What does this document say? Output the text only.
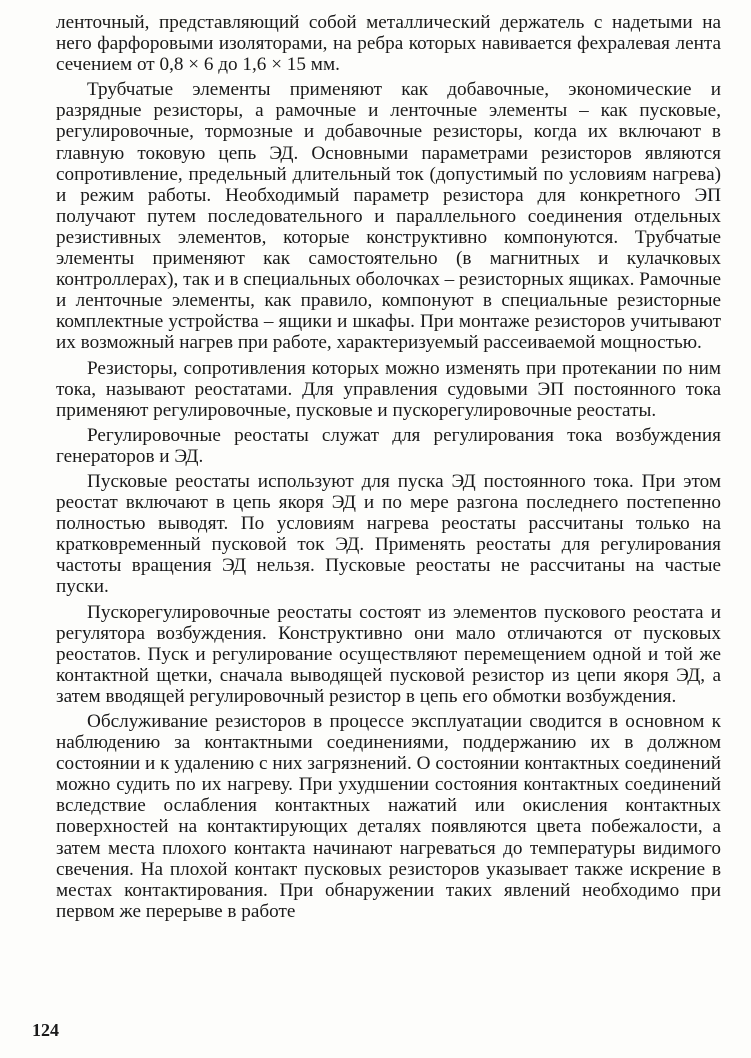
ленточный, представляющий собой металлический держатель с надетыми на него фарфоровыми изоляторами, на ребра которых навивается фехралевая лента сечением от 0,8 × 6 до 1,6 × 15 мм.

Трубчатые элементы применяют как добавочные, экономические и разрядные резисторы, а рамочные и ленточные элементы – как пусковые, регулировочные, тормозные и добавочные резисторы, когда их включают в главную токовую цепь ЭД. Основными параметрами резисторов являются сопротивление, предельный длительный ток (допустимый по условиям нагрева) и режим работы. Необходимый параметр резистора для конкретного ЭП получают путем последовательного и параллельного соединения отдельных резистивных элементов, которые конструктивно компонуются. Трубчатые элементы применяют как самостоятельно (в магнитных и кулачковых контроллерах), так и в специальных оболочках – резисторных ящиках. Рамочные и ленточные элементы, как правило, компонуют в специальные резисторные комплектные устройства – ящики и шкафы. При монтаже резисторов учитывают их возможный нагрев при работе, характеризуемый рассеиваемой мощностью.

Резисторы, сопротивления которых можно изменять при протекании по ним тока, называют реостатами. Для управления судовыми ЭП постоянного тока применяют регулировочные, пусковые и пускорегулировочные реостаты.

Регулировочные реостаты служат для регулирования тока возбуждения генераторов и ЭД.

Пусковые реостаты используют для пуска ЭД постоянного тока. При этом реостат включают в цепь якоря ЭД и по мере разгона последнего постепенно полностью выводят. По условиям нагрева реостаты рассчитаны только на кратковременный пусковой ток ЭД. Применять реостаты для регулирования частоты вращения ЭД нельзя. Пусковые реостаты не рассчитаны на частые пуски.

Пускорегулировочные реостаты состоят из элементов пускового реостата и регулятора возбуждения. Конструктивно они мало отличаются от пусковых реостатов. Пуск и регулирование осуществляют перемещением одной и той же контактной щетки, сначала выводящей пусковой резистор из цепи якоря ЭД, а затем вводящей регулировочный резистор в цепь его обмотки возбуждения.

Обслуживание резисторов в процессе эксплуатации сводится в основном к наблюдению за контактными соединениями, поддержанию их в должном состоянии и к удалению с них загрязнений. О состоянии контактных соединений можно судить по их нагреву. При ухудшении состояния контактных соединений вследствие ослабления контактных нажатий или окисления контактных поверхностей на контактирующих деталях появляются цвета побежалости, а затем места плохого контакта начинают нагреваться до температуры видимого свечения. На плохой контакт пусковых резисторов указывает также искрение в местах контактирования. При обнаружении таких явлений необходимо при первом же перерыве в работе

124
